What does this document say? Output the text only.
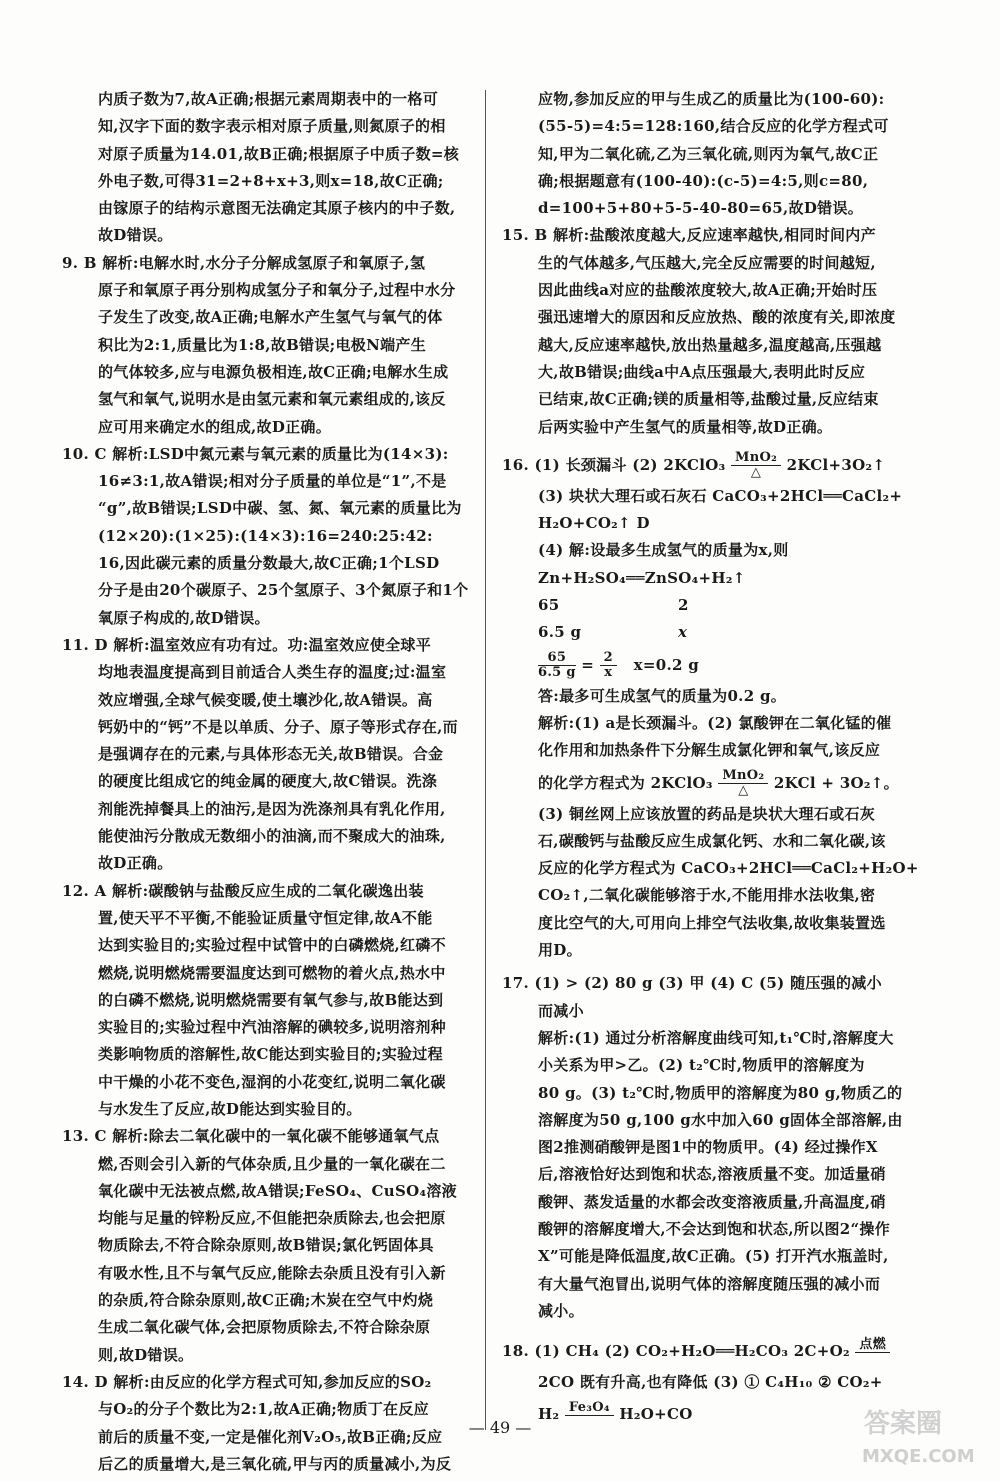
内质子数为7,故A正确;根据元素周期表中的一格可
知,汉字下面的数字表示相对原子质量,则氮原子的相
对原子质量为14.01,故B正确;根据原子中质子数=核
外电子数,可得31=2+8+x+3,则x=18,故C正确;
由镓原子的结构示意图无法确定其原子核内的中子数,
故D错误。
9. B 解析:电解水时,水分子分解成氢原子和氧原子,氢
原子和氧原子再分别构成氢分子和氧分子,过程中水分
子发生了改变,故A正确;电解水产生氢气与氧气的体
积比为2:1,质量比为1:8,故B错误;电极N端产生
的气体较多,应与电源负极相连,故C正确;电解水生成
氢气和氧气,说明水是由氢元素和氧元素组成的,该反
应可用来确定水的组成,故D正确。
10. C 解析:LSD中氮元素与氧元素的质量比为(14×3):
16≠3:1,故A错误;相对分子质量的单位是“1”,不是
“g”,故B错误;LSD中碳、氢、氮、氧元素的质量比为
(12×20):(1×25):(14×3):16=240:25:42:
16,因此碳元素的质量分数最大,故C正确;1个LSD
分子是由20个碳原子、25个氢原子、3个氮原子和1个
氧原子构成的,故D错误。
11. D 解析:温室效应有功有过。功:温室效应使全球平
均地表温度提高到目前适合人类生存的温度;过:温室
效应增强,全球气候变暖,使土壤沙化,故A错误。高
钙奶中的“钙”不是以单质、分子、原子等形式存在,而
是强调存在的元素,与具体形态无关,故B错误。合金
的硬度比组成它的纯金属的硬度大,故C错误。洗涤
剂能洗掉餐具上的油污,是因为洗涤剂具有乳化作用,
能使油污分散成无数细小的油滴,而不聚成大的油珠,
故D正确。
12. A 解析:碳酸钠与盐酸反应生成的二氧化碳逸出装
置,使天平不平衡,不能验证质量守恒定律,故A不能
达到实验目的;实验过程中试管中的白磷燃烧,红磷不
燃烧,说明燃烧需要温度达到可燃物的着火点,热水中
的白磷不燃烧,说明燃烧需要有氧气参与,故B能达到
实验目的;实验过程中汽油溶解的碘较多,说明溶剂种
类影响物质的溶解性,故C能达到实验目的;实验过程
中干燥的小花不变色,湿润的小花变红,说明二氧化碳
与水发生了反应,故D能达到实验目的。
13. C 解析:除去二氧化碳中的一氧化碳不能够通氧气点
燃,否则会引入新的气体杂质,且少量的一氧化碳在二
氧化碳中无法被点燃,故A错误;FeSO₄、CuSO₄溶液
均能与足量的锌粉反应,不但能把杂质除去,也会把原
物质除去,不符合除杂原则,故B错误;氯化钙固体具
有吸水性,且不与氧气反应,能除去杂质且没有引入新
的杂质,符合除杂原则,故C正确;木炭在空气中灼烧
生成二氧化碳气体,会把原物质除去,不符合除杂原
则,故D错误。
14. D 解析:由反应的化学方程式可知,参加反应的SO₂
与O₂的分子个数比为2:1,故A正确;物质丁在反应
前后的质量不变,一定是催化剂V₂O₅,故B正确;反应
后乙的质量增大,是三氧化硫,甲与丙的质量减小,为反
应物,参加反应的甲与生成乙的质量比为(100-60):
(55-5)=4:5=128:160,结合反应的化学方程式可
知,甲为二氧化硫,乙为三氧化硫,则丙为氧气,故C正
确;根据题意有(100-40):(c-5)=4:5,则c=80,
d=100+5+80+5-5-40-80=65,故D错误。
15. B 解析:盐酸浓度越大,反应速率越快,相同时间内产
生的气体越多,气压越大,完全反应需要的时间越短,
因此曲线a对应的盐酸浓度较大,故A正确;开始时压
强迅速增大的原因和反应放热、酸的浓度有关,即浓度
越大,反应速率越快,放出热量越多,温度越高,压强越
大,故B错误;曲线a中A点压强最大,表明此时反应
已结束,故C正确;镁的质量相等,盐酸过量,反应结束
后两实验中产生氢气的质量相等,故D正确。
16. (1) 长颈漏斗 (2) 2KClO₃ $\frac{\text{MnO₂}}{\triangle}$ 2KCl+3O₂↑
(3) 块状大理石或石灰石 CaCO₃+2HCl══CaCl₂+
H₂O+CO₂↑ D
(4) 解:设最多生成氢气的质量为x,则
Zn+H₂SO₄══ZnSO₄+H₂↑
65	2
6.5 g	x
$\frac{65}{6.5 g} = \frac{2}{x} x=0.2$ g
答:最多可生成氢气的质量为0.2 g。
解析:(1) a是长颈漏斗。(2) 氯酸钾在二氧化锰的催
化作用和加热条件下分解生成氯化钾和氧气,该反应
的化学方程式为 2KClO₃ $\frac{\text{MnO₂}}{\triangle} 2KCl$ + 3O₂↑。
(3) 铜丝网上应该放置的药品是块状大理石或石灰
石,碳酸钙与盐酸反应生成氯化钙、水和二氧化碳,该
反应的化学方程式为 CaCO₃+2HCl══CaCl₂+H₂O+
CO₂↑,二氧化碳能够溶于水,不能用排水法收集,密
度比空气的大,可用向上排空气法收集,故收集装置选
用D。
17. (1) > (2) 80 g (3) 甲 (4) C (5) 随压强的减小
而减小
解析:(1) 通过分析溶解度曲线可知,t₁℃时,溶解度大
小关系为甲>乙。(2) t₂℃时,物质甲的溶解度为
80 g。(3) t₂℃时,物质甲的溶解度为80 g,物质乙的
溶解度为50 g,100 g水中加入60 g固体全部溶解,由
图2推测硝酸钾是图1中的物质甲。(4) 经过操作X
后,溶液恰好达到饱和状态,溶液质量不变。加适量硝
酸钾、蒸发适量的水都会改变溶液质量,升高温度,硝
酸钾的溶解度增大,不会达到饱和状态,所以图2“操作
X”可能是降低温度,故C正确。(5) 打开汽水瓶盖时,
有大量气泡冒出,说明气体的溶解度随压强的减小而
减小。
18. (1) CH₄ (2) CO₂+H₂O══H₂CO₃ 2C+O₂ 点燃

2CO 既有升高,也有降低 (3) ① C₄H₁₀ ② CO₂+
H₂ Fe₃O₄
H₂O+CO
— 49 —	答案圈
MXQE.COM
